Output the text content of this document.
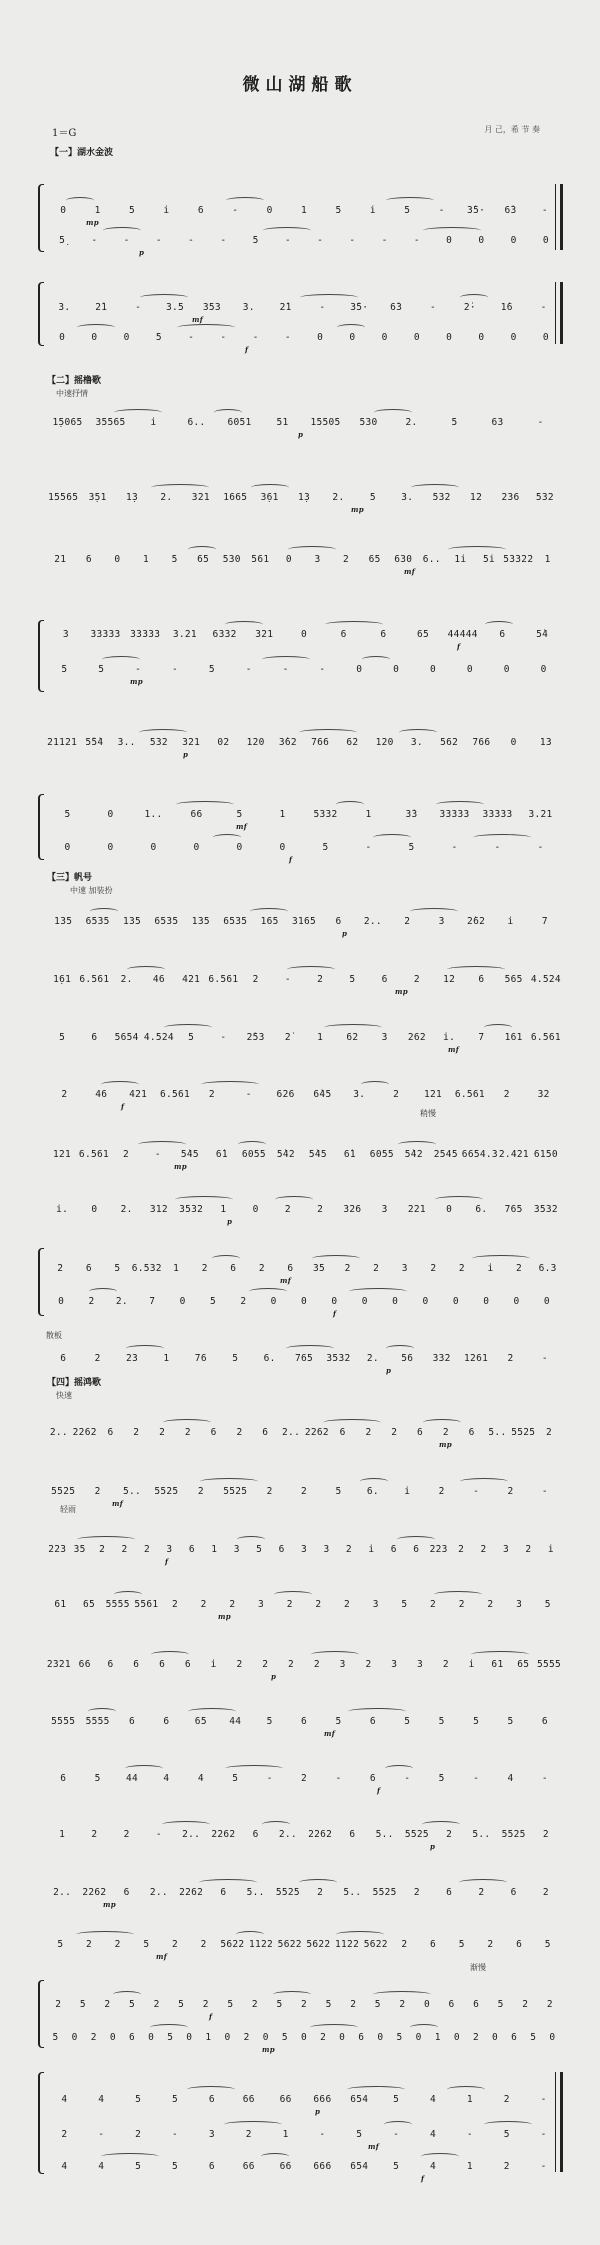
微山湖船歌
1＝G	月 己，希 节 奏
【一】湖水金波
【二】摇橹歌
【三】帆号
【四】摇鸿歌
中速抒情
中速 加装扮
快速
渐慢
散板
稍慢
轻雨
0	1	5	i	6	-	0	1	5	i	5	-	3̇5·	6̇3	-
mp
5̣	-	-	-	-	-	5	-	-	-	-	-	0	0	0	0
p
3.	2̇1	-	3.5	353	3.	2̇1	-	3̇5·	6̇3	-	2̇·	1̇6	-
mf
0	0	0	5	-	-	-	-	0	0	0	0	0	0	0	0
f
1̣5065	35565	i	6..	6051	51	15505	530	2.	5	63	-
p
15565	3̣51	1̣3	2.	321	1665	3̣61	1̣3	2.	5	3.	532	12	236	532
mp
21	6	0	1	5	65	530	561	0	3	2	65	630	6..	1i	5i 53322	1
mf
3	33333	33333	3.21	6332	321	0	6	6	65	44444	6	5̇4
f
5	5	-	-	5	-	-	-	0	0	0	0	0	0
mp
21121 5̇5̇4	3..	532	321	02	120	3̇62	766	62	120	3.	562	766	0	13
p
5	0	1..	66	5	1	5332	1	3̇3	33333	33333	3.21
mf
0	0	0	0	0	0	5	-	5	-	-	-
f
135	6535	135	6535	135	6535	165	3165	6	2..	2	3	2̇62	i	7
p
1̣61 6.561	2.	46	421 6.561	2	-	2	5	6	2	12	6	565 4.524
mp
5	6	5654 4.524	5	-	2̇53	2̇	1	62	3	262	i.	7	161 6.561
mf
2	46	421	6.561	2	-	626	6̇45	3.	2	121	6.561	2	32
f
121 6.561	2	-	5̇45	6̇1	6055	5̇42	5̇45	6̇1	6055	5̇42	2545 6654.3 2.421 6150
mp
i.	0	2.	312	3532	1	0	2	2	326	3	221	0	6.	765	3532
p
2	6	5	6.532	1	2	6	2	6	35	2	2	3	2	2	i	2	6.3
mf
0	2	2.	7	0	5	2	0	0	0	0	0	0	0	0	0	0
f
6	2	23	1	76	5	6.	765	3532	2.	56	332	1261	2	-
p
2.. 2262	6	2	2	2	6	2	6	2.. 2262	6	2	2	6	2	6	5.. 5525	2
mp
5525	2	5..	5525	2	5525	2	2	5	6.	i	2	-	2	-
mf
223 35	2	2	2	3	6	1	3	5	6	3	3	2	i	6	6	223	2	2	3	2	i
f
61	65	5555 5561	2	2	2	3	2	2	2	3	5	2	2	2	3	5
mp
2321 66	6	6	6	6	i	2	2	2	2	3	2	3	3	2	i	61	65 5555
p
5555	5555	6	6	65	44	5	6	5	6	5	5	5	5	6
mf
6	5	44	4	4	5	-	2	-	6	-	5	-	4	-
f
1	2	2	-	2..	2262	6	2..	2262	6	5..	5525	2	5..	5525	2
p
2..	2262	6	2..	2262	6	5..	5525	2	5..	5525	2	6	2	6	2
mp
5	2	2	5	2	2	5622 1122 5622 5622 1122 5622	2	6	5	2	6	5
mf
2	5	2	5	2	5	2	5	2	5	2	5	2	5	2	0	6	6	5	2	2
f
5	0	2	0	6	0	5	0	1	0	2	0	5	0	2	0	6	0	5	0	1	0	2	0	6	5	0
mp
4	4	5	5	6	66	66	666	654	5	4	1	2	-
p
2	-	2	-	3	2	1	-	5	-	4	-	5	-
mf
4	4	5	5	6	66	66	666	654	5	4	1	2	-
f
